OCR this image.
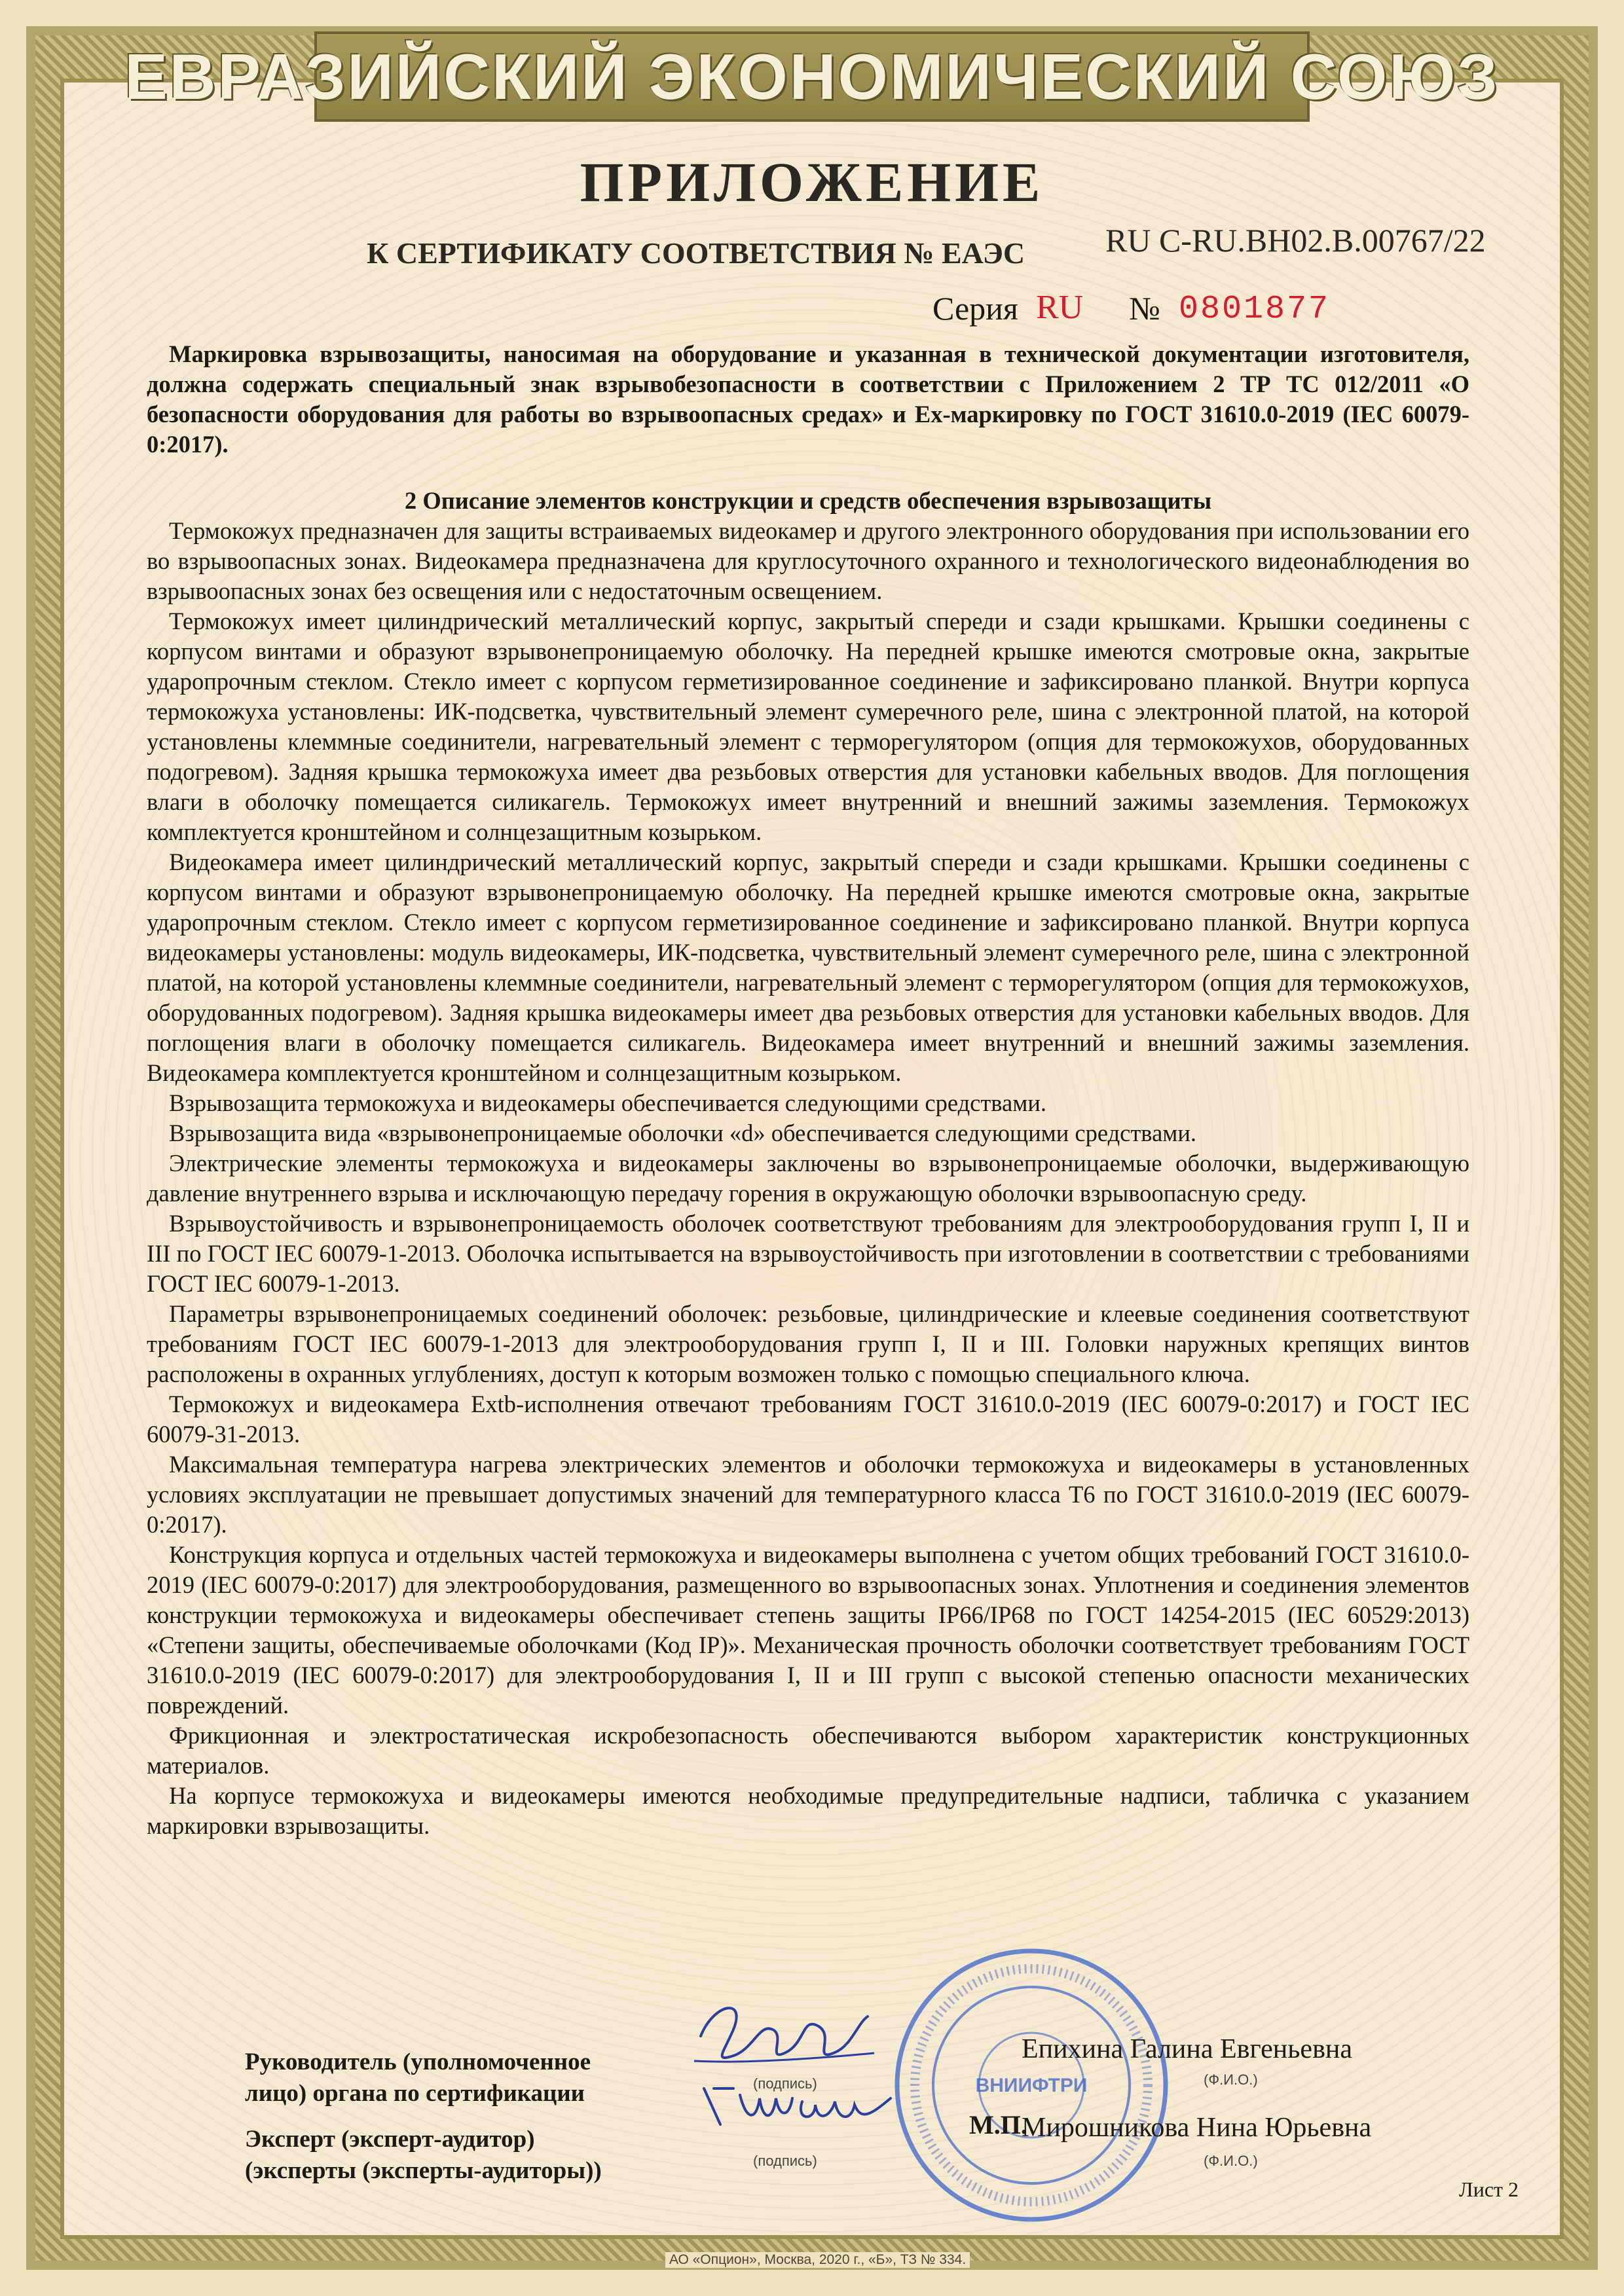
ЕВРАЗИЙСКИЙ ЭКОНОМИЧЕСКИЙ СОЮЗ
ПРИЛОЖЕНИЕ
К СЕРТИФИКАТУ СООТВЕТСТВИЯ № ЕАЭС RU C-RU.BH02.B.00767/22
Серия RU № 0801877

Маркировка взрывозащиты, наносимая на оборудование и указанная в технической документации изготовителя, должна содержать специальный знак взрывобезопасности в соответствии с Приложением 2 ТР ТС 012/2011 «О безопасности оборудования для работы во взрывоопасных средах» и Ех-маркировку по ГОСТ 31610.0-2019 (IEC 60079-0:2017).

2 Описание элементов конструкции и средств обеспечения взрывозащиты

Термокожух предназначен для защиты встраиваемых видеокамер и другого электронного оборудования при использовании его во взрывоопасных зонах. Видеокамера предназначена для круглосуточного охранного и технологического видеонаблюдения во взрывоопасных зонах без освещения или с недостаточным освещением.

Термокожух имеет цилиндрический металлический корпус, закрытый спереди и сзади крышками. Крышки соединены с корпусом винтами и образуют взрывонепроницаемую оболочку. На передней крышке имеются смотровые окна, закрытые ударопрочным стеклом. Стекло имеет с корпусом герметизированное соединение и зафиксировано планкой. Внутри корпуса термокожуха установлены: ИК-подсветка, чувствительный элемент сумеречного реле, шина с электронной платой, на которой установлены клеммные соединители, нагревательный элемент с терморегулятором (опция для термокожухов, оборудованных подогревом). Задняя крышка термокожуха имеет два резьбовых отверстия для установки кабельных вводов. Для поглощения влаги в оболочку помещается силикагель. Термокожух имеет внутренний и внешний зажимы заземления. Термокожух комплектуется кронштейном и солнцезащитным козырьком.

Видеокамера имеет цилиндрический металлический корпус, закрытый спереди и сзади крышками. Крышки соединены с корпусом винтами и образуют взрывонепроницаемую оболочку. На передней крышке имеются смотровые окна, закрытые ударопрочным стеклом. Стекло имеет с корпусом герметизированное соединение и зафиксировано планкой. Внутри корпуса видеокамеры установлены: модуль видеокамеры, ИК-подсветка, чувствительный элемент сумеречного реле, шина с электронной платой, на которой установлены клеммные соединители, нагревательный элемент с терморегулятором (опция для термокожухов, оборудованных подогревом). Задняя крышка видеокамеры имеет два резьбовых отверстия для установки кабельных вводов. Для поглощения влаги в оболочку помещается силикагель. Видеокамера имеет внутренний и внешний зажимы заземления. Видеокамера комплектуется кронштейном и солнцезащитным козырьком.

Взрывозащита термокожуха и видеокамеры обеспечивается следующими средствами.

Взрывозащита вида «взрывонепроницаемые оболочки «d» обеспечивается следующими средствами.

Электрические элементы термокожуха и видеокамеры заключены во взрывонепроницаемые оболочки, выдерживающую давление внутреннего взрыва и исключающую передачу горения в окружающую оболочки взрывоопасную среду.

Взрывоустойчивость и взрывонепроницаемость оболочек соответствуют требованиям для электрооборудования групп I, II и III по ГОСТ IEC 60079-1-2013. Оболочка испытывается на взрывоустойчивость при изготовлении в соответствии с требованиями ГОСТ IEC 60079-1-2013.

Параметры взрывонепроницаемых соединений оболочек: резьбовые, цилиндрические и клеевые соединения соответствуют требованиям ГОСТ IEC 60079-1-2013 для электрооборудования групп I, II и III. Головки наружных крепящих винтов расположены в охранных углублениях, доступ к которым возможен только с помощью специального ключа.

Термокожух и видеокамера Extb-исполнения отвечают требованиям ГОСТ 31610.0-2019 (IEC 60079-0:2017) и ГОСТ IEC 60079-31-2013.

Максимальная температура нагрева электрических элементов и оболочки термокожуха и видеокамеры в установленных условиях эксплуатации не превышает допустимых значений для температурного класса Т6 по ГОСТ 31610.0-2019 (IEC 60079-0:2017).

Конструкция корпуса и отдельных частей термокожуха и видеокамеры выполнена с учетом общих требований ГОСТ 31610.0-2019 (IEC 60079-0:2017) для электрооборудования, размещенного во взрывоопасных зонах. Уплотнения и соединения элементов конструкции термокожуха и видеокамеры обеспечивает степень защиты IP66/IP68 по ГОСТ 14254-2015 (IEC 60529:2013) «Степени защиты, обеспечиваемые оболочками (Код IP)». Механическая прочность оболочки соответствует требованиям ГОСТ 31610.0-2019 (IEC 60079-0:2017) для электрооборудования I, II и III групп с высокой степенью опасности механических повреждений.

Фрикционная и электростатическая искробезопасность обеспечиваются выбором характеристик конструкционных материалов.

На корпусе термокожуха и видеокамеры имеются необходимые предупредительные надписи, табличка с указанием маркировки взрывозащиты.

ВНИИФТРИ
Руководитель (уполномоченное
лицо) органа по сертификации	(подпись)
Епихина Галина Евгеньевна
(Ф.И.О.)
М.П.
Эксперт (эксперт-аудитор)
(эксперты (эксперты-аудиторы))	(подпись)
Мирошникова Нина Юрьевна
(Ф.И.О.)
Лист 2
АО «Опцион», Москва, 2020 г., «Б», ТЗ № 334.
